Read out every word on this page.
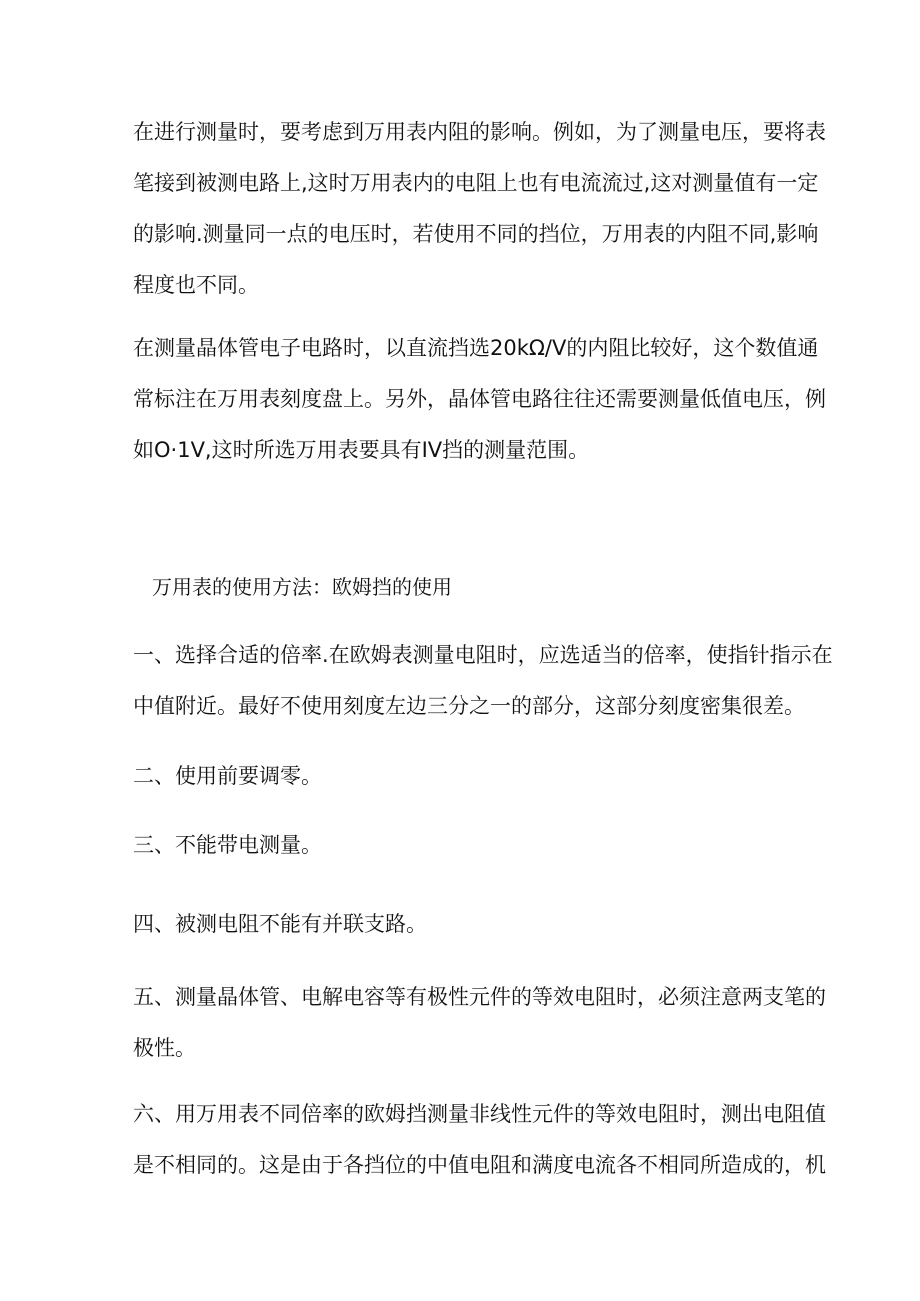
在进行测量时，要考虑到万用表内阻的影响。例如，为了测量电压，要将表
笔接到被测电路上,这时万用表内的电阻上也有电流流过,这对测量值有一定
的影响.测量同一点的电压时，若使用不同的挡位，万用表的内阻不同,影响
程度也不同。

在测量晶体管电子电路时，以直流挡选20kΩ/V的内阻比较好，这个数值通
常标注在万用表刻度盘上。另外，晶体管电路往往还需要测量低值电压，例
如O·1V,这时所选万用表要具有IV挡的测量范围。

万用表的使用方法：欧姆挡的使用

一、选择合适的倍率.在欧姆表测量电阻时，应选适当的倍率，使指针指示在
中值附近。最好不使用刻度左边三分之一的部分，这部分刻度密集很差。

二、使用前要调零。

三、不能带电测量。

四、被测电阻不能有并联支路。

五、测量晶体管、电解电容等有极性元件的等效电阻时，必须注意两支笔的
极性。

六、用万用表不同倍率的欧姆挡测量非线性元件的等效电阻时，测出电阻值
是不相同的。这是由于各挡位的中值电阻和满度电流各不相同所造成的，机
